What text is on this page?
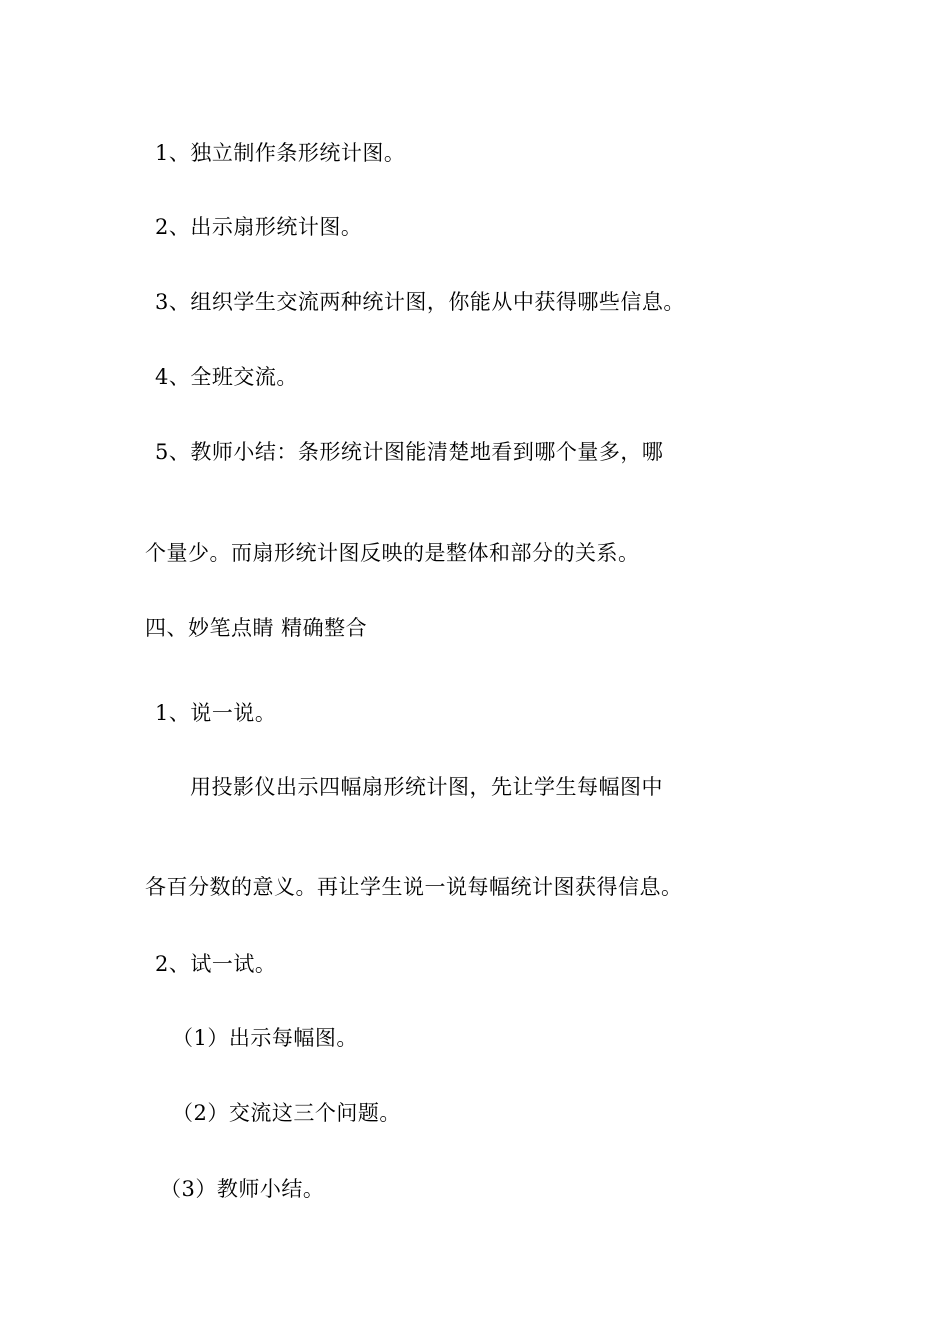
1、独立制作条形统计图。
2、出示扇形统计图。
3、组织学生交流两种统计图，你能从中获得哪些信息。
4、全班交流。
5、教师小结：条形统计图能清楚地看到哪个量多，哪
个量少。而扇形统计图反映的是整体和部分的关系。
四、妙笔点睛 精确整合
1、说一说。
用投影仪出示四幅扇形统计图，先让学生每幅图中
各百分数的意义。再让学生说一说每幅统计图获得信息。
2、试一试。
（1）出示每幅图。
（2）交流这三个问题。
（3）教师小结。
